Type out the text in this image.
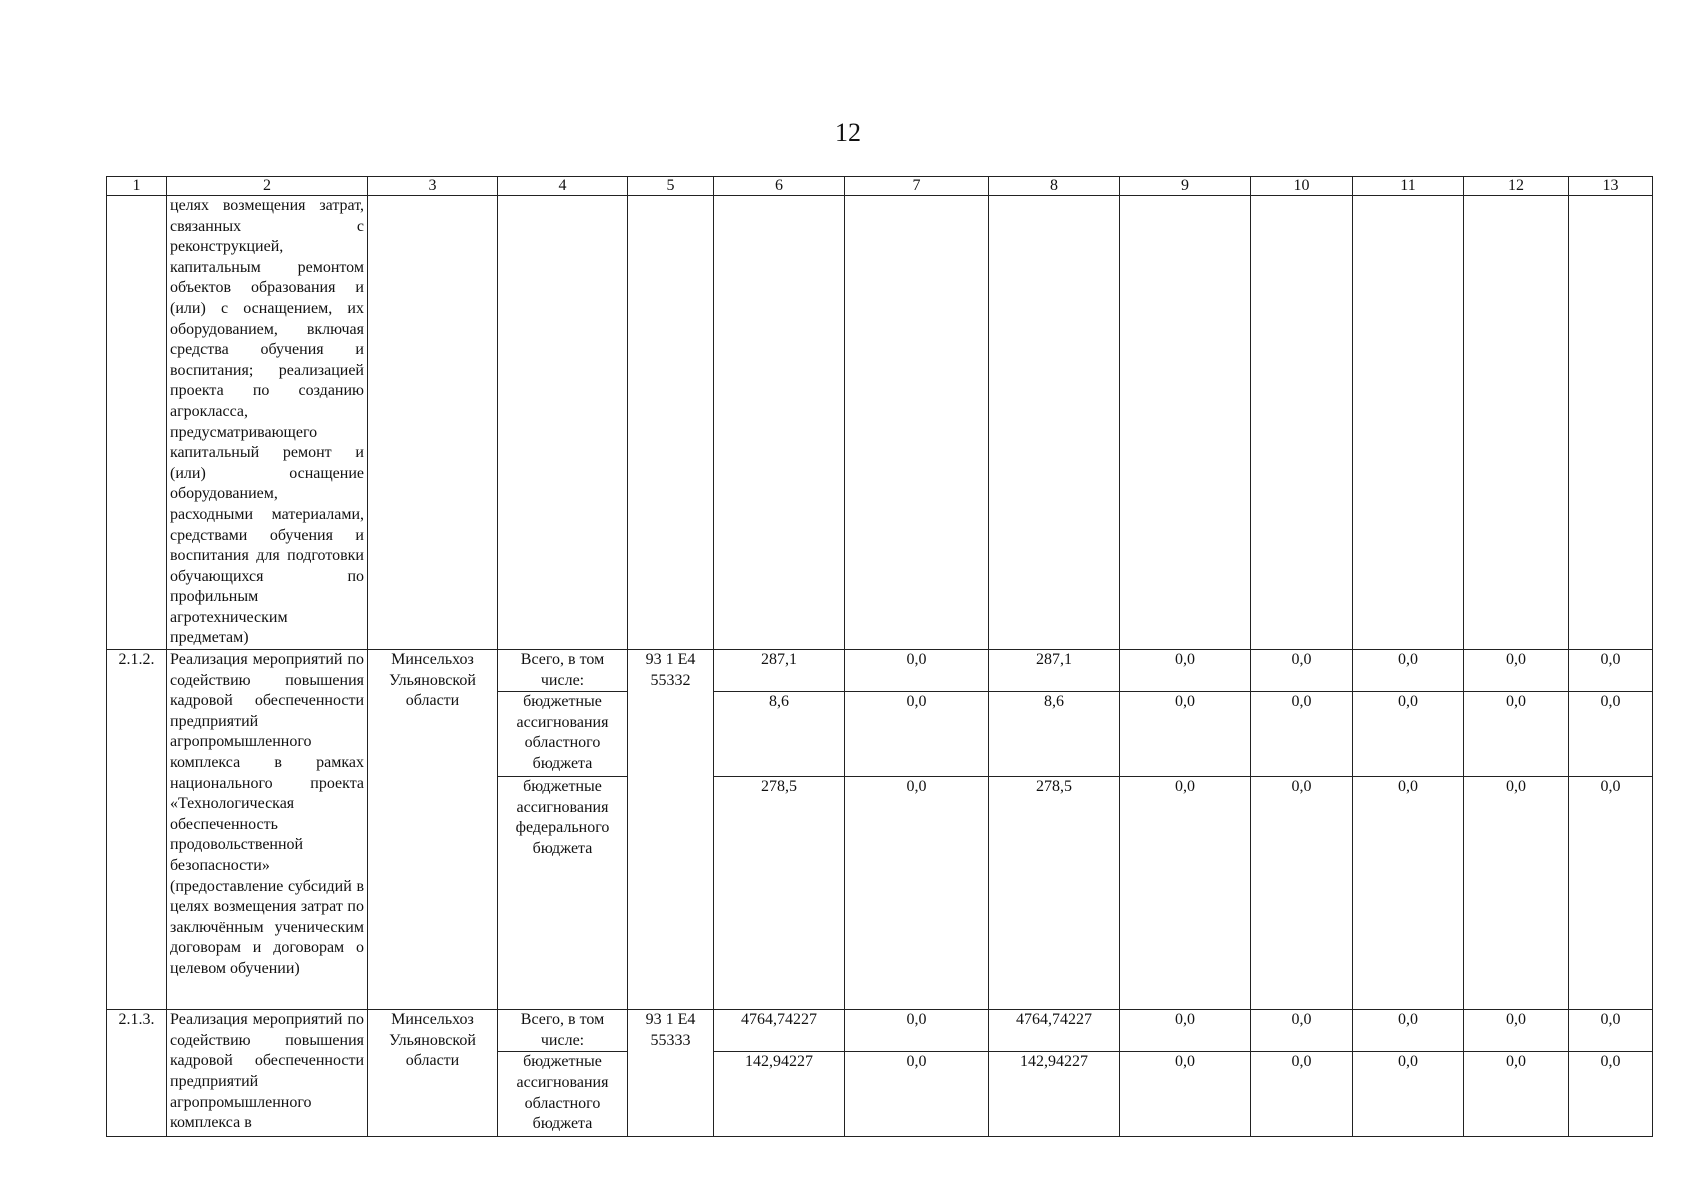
12
1	2	3	4	5	6	7	8	9	10	11	12	13
	целях возмещения затрат, связанных с реконструкцией, капитальным ремонтом объектов образования и (или) с оснащением, их оборудованием, включая средства обучения и воспитания; реализацией проекта по созданию агрокласса, предусматривающего капитальный ремонт и (или) оснащение оборудованием, расходными материалами, средствами обучения и воспитания для подготовки обучающихся по профильным агротехническим предметам)											
2.1.2.	Реализация мероприятий по содействию повышения кадровой обеспеченности предприятий агропромышленного комплекса в рамках национального проекта «Технологическая обеспеченность продовольственной безопасности» (предоставление субсидий в целях возмещения затрат по заключённым ученическим договорам и договорам о целевом обучении)	Минсельхоз Ульяновской области	Всего, в том числе:	93 1 E4 55332	287,1	0,0	287,1	0,0	0,0	0,0	0,0	0,0
			бюджетные ассигнования областного бюджета		8,6	0,0	8,6	0,0	0,0	0,0	0,0	0,0
			бюджетные ассигнования федерального бюджета		278,5	0,0	278,5	0,0	0,0	0,0	0,0	0,0
2.1.3.	Реализация мероприятий по содействию повышения кадровой обеспеченности предприятий агропромышленного комплекса в	Минсельхоз Ульяновской области	Всего, в том числе:	93 1 E4 55333	4764,74227	0,0	4764,74227	0,0	0,0	0,0	0,0	0,0
			бюджетные ассигнования областного бюджета		142,94227	0,0	142,94227	0,0	0,0	0,0	0,0	0,0
